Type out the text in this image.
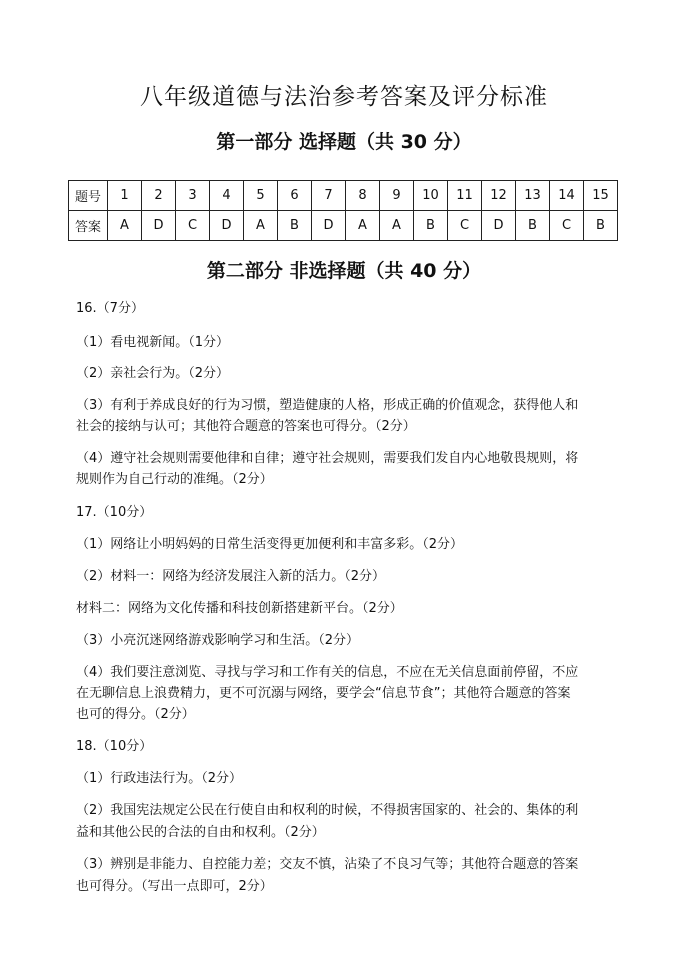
八年级道德与法治参考答案及评分标准
第一部分 选择题（共 30 分）
题号	1	2	3	4	5	6	7	8	9	10	11	12	13	14	15
答案	A	D	C	D	A	B	D	A	A	B	C	D	B	C	B
第二部分 非选择题（共 40 分）
16.（7分）
（1）看电视新闻。（1分）
（2）亲社会行为。（2分）
（3）有利于养成良好的行为习惯，塑造健康的人格，形成正确的价值观念，获得他人和
社会的接纳与认可；其他符合题意的答案也可得分。（2分）
（4）遵守社会规则需要他律和自律；遵守社会规则，需要我们发自内心地敬畏规则，将
规则作为自己行动的准绳。（2分）
17.（10分）
（1）网络让小明妈妈的日常生活变得更加便利和丰富多彩。（2分）
（2）材料一：网络为经济发展注入新的活力。（2分）
材料二：网络为文化传播和科技创新搭建新平台。（2分）
（3）小亮沉迷网络游戏影响学习和生活。（2分）
（4）我们要注意浏览、寻找与学习和工作有关的信息，不应在无关信息面前停留，不应
在无聊信息上浪费精力，更不可沉溺与网络，要学会“信息节食”；其他符合题意的答案
也可的得分。（2分）
18.（10分）
（1）行政违法行为。（2分）
（2）我国宪法规定公民在行使自由和权利的时候，不得损害国家的、社会的、集体的利
益和其他公民的合法的自由和权利。（2分）
（3）辨别是非能力、自控能力差；交友不慎，沾染了不良习气等；其他符合题意的答案
也可得分。（写出一点即可，2分）
